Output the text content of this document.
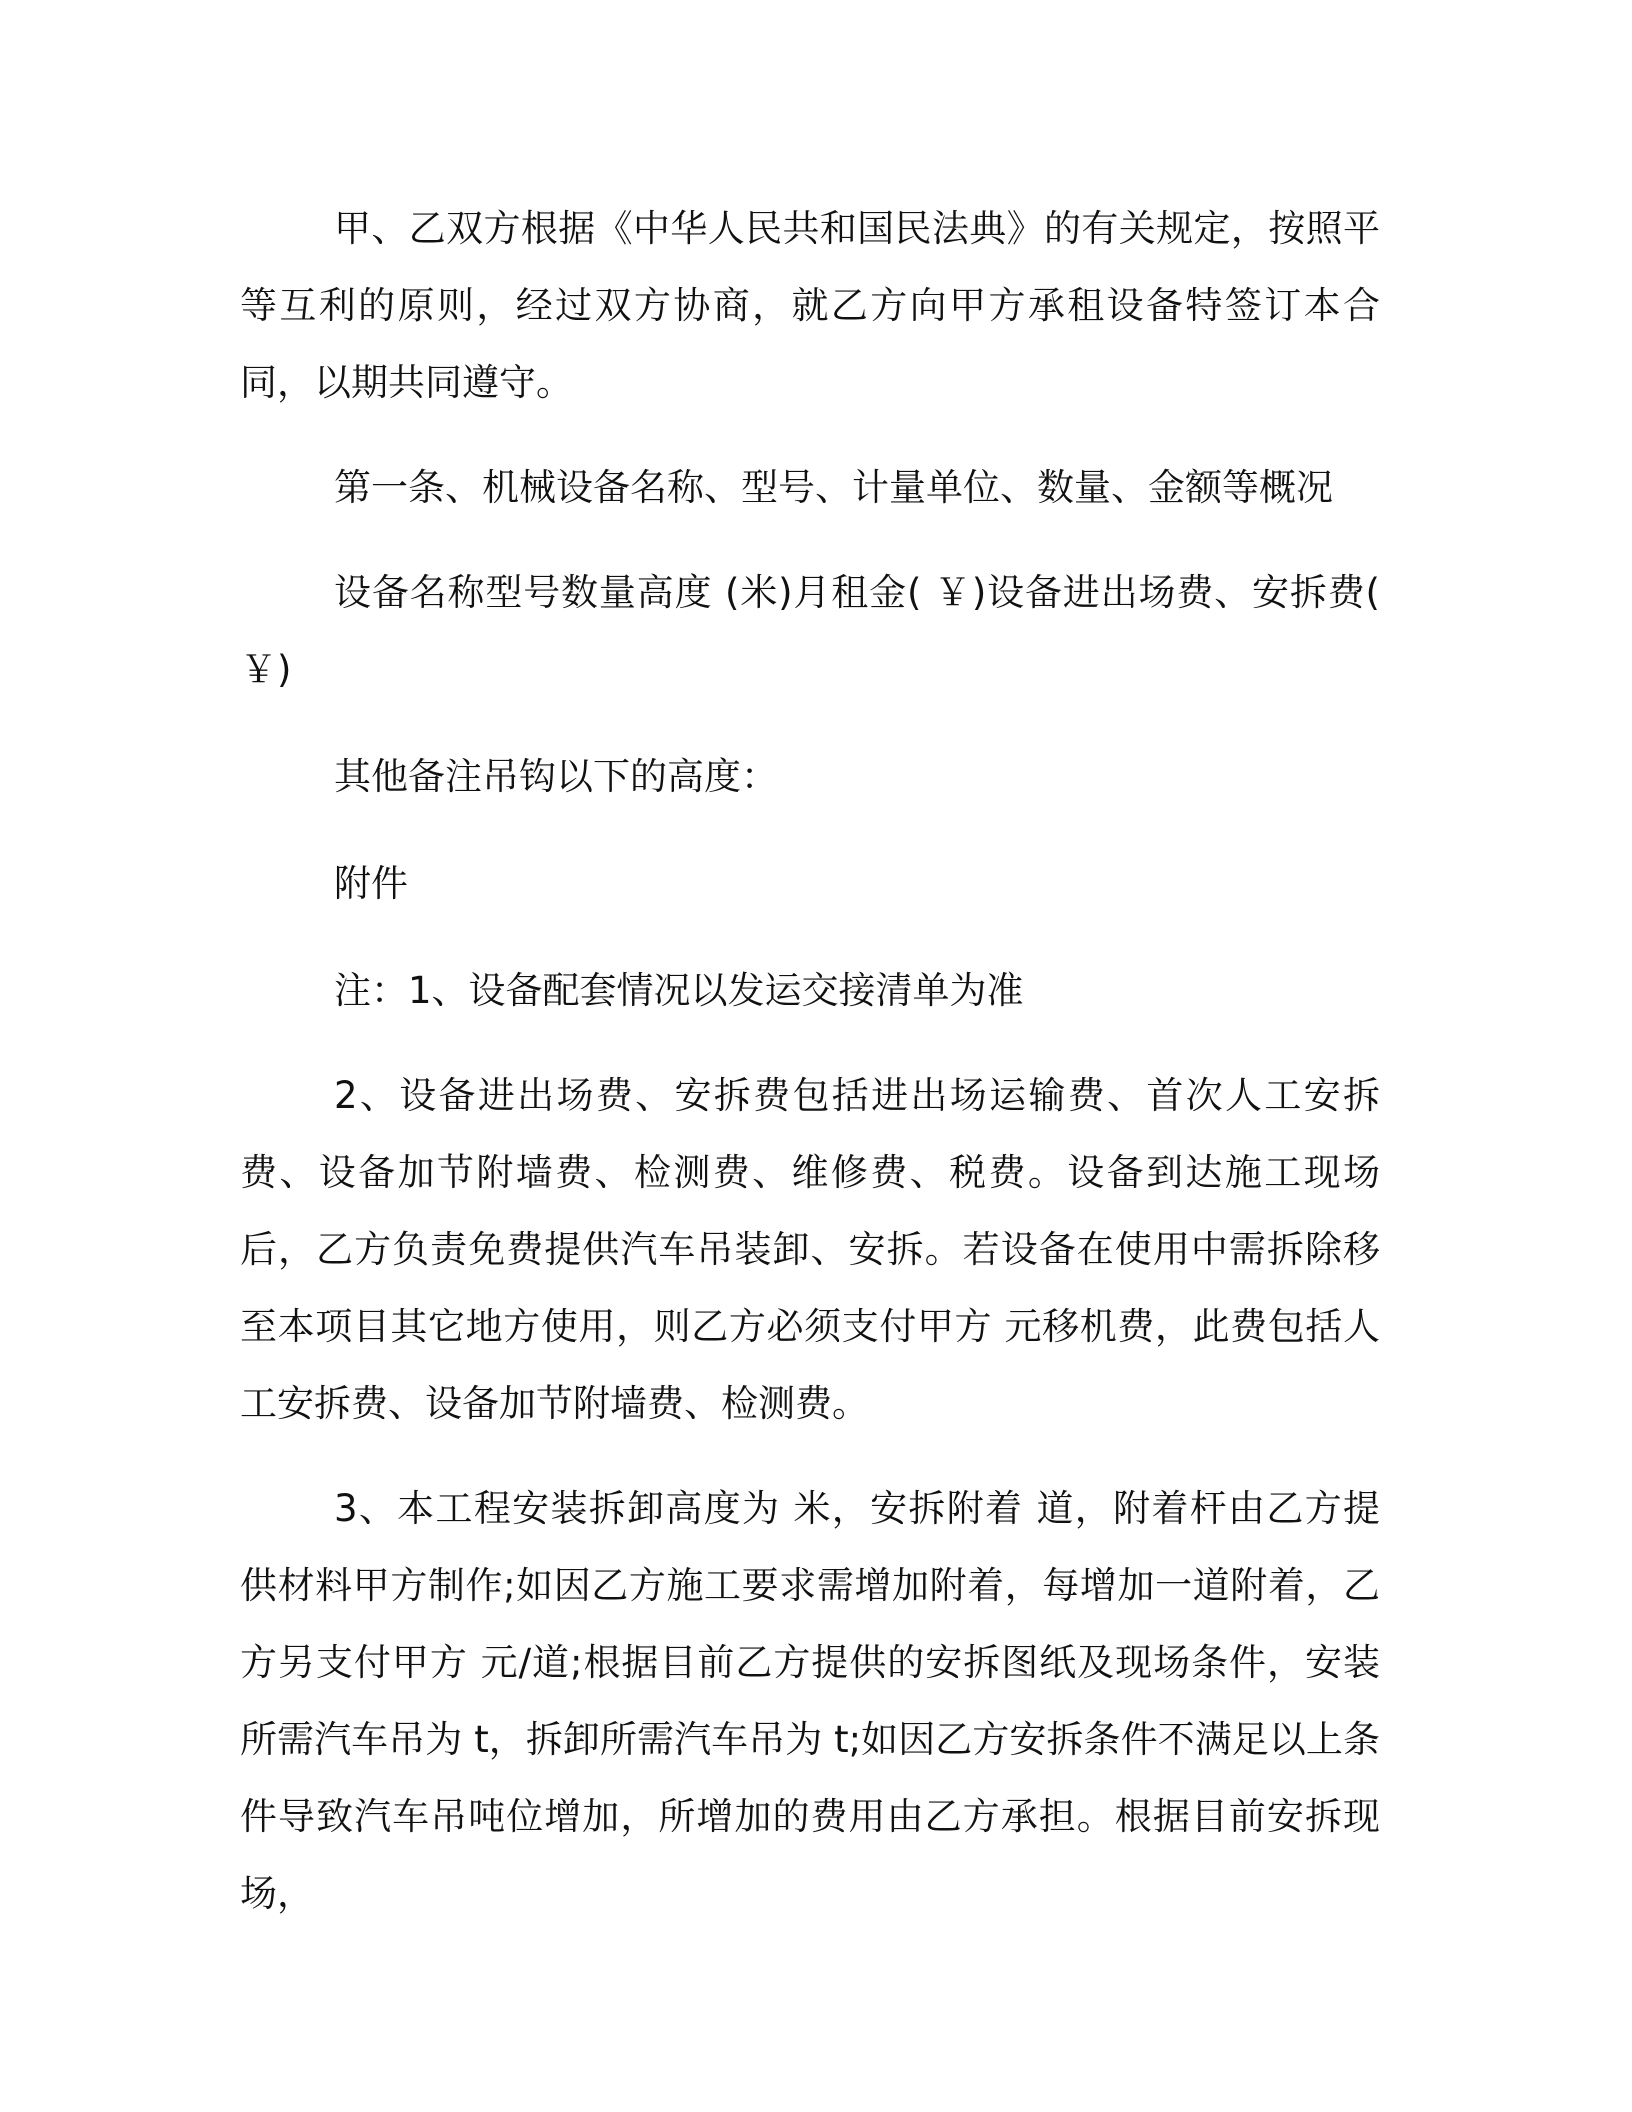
甲、乙双方根据《中华人民共和国民法典》的有关规定，按照平等互利的原则，经过双方协商，就乙方向甲方承租设备特签订本合同，以期共同遵守。

第一条、机械设备名称、型号、计量单位、数量、金额等概况

设备名称型号数量高度 (米)月租金( ￥)设备进出场费、安拆费( ￥)

其他备注吊钩以下的高度：

附件

注：1、设备配套情况以发运交接清单为准

2、设备进出场费、安拆费包括进出场运输费、首次人工安拆费、设备加节附墙费、检测费、维修费、税费。设备到达施工现场后，乙方负责免费提供汽车吊装卸、安拆。若设备在使用中需拆除移至本项目其它地方使用，则乙方必须支付甲方 元移机费，此费包括人工安拆费、设备加节附墙费、检测费。

3、本工程安装拆卸高度为 米，安拆附着 道，附着杆由乙方提供材料甲方制作;如因乙方施工要求需增加附着，每增加一道附着，乙方另支付甲方 元/道;根据目前乙方提供的安拆图纸及现场条件，安装所需汽车吊为 t，拆卸所需汽车吊为 t;如因乙方安拆条件不满足以上条件导致汽车吊吨位增加，所增加的费用由乙方承担。根据目前安拆现场，
